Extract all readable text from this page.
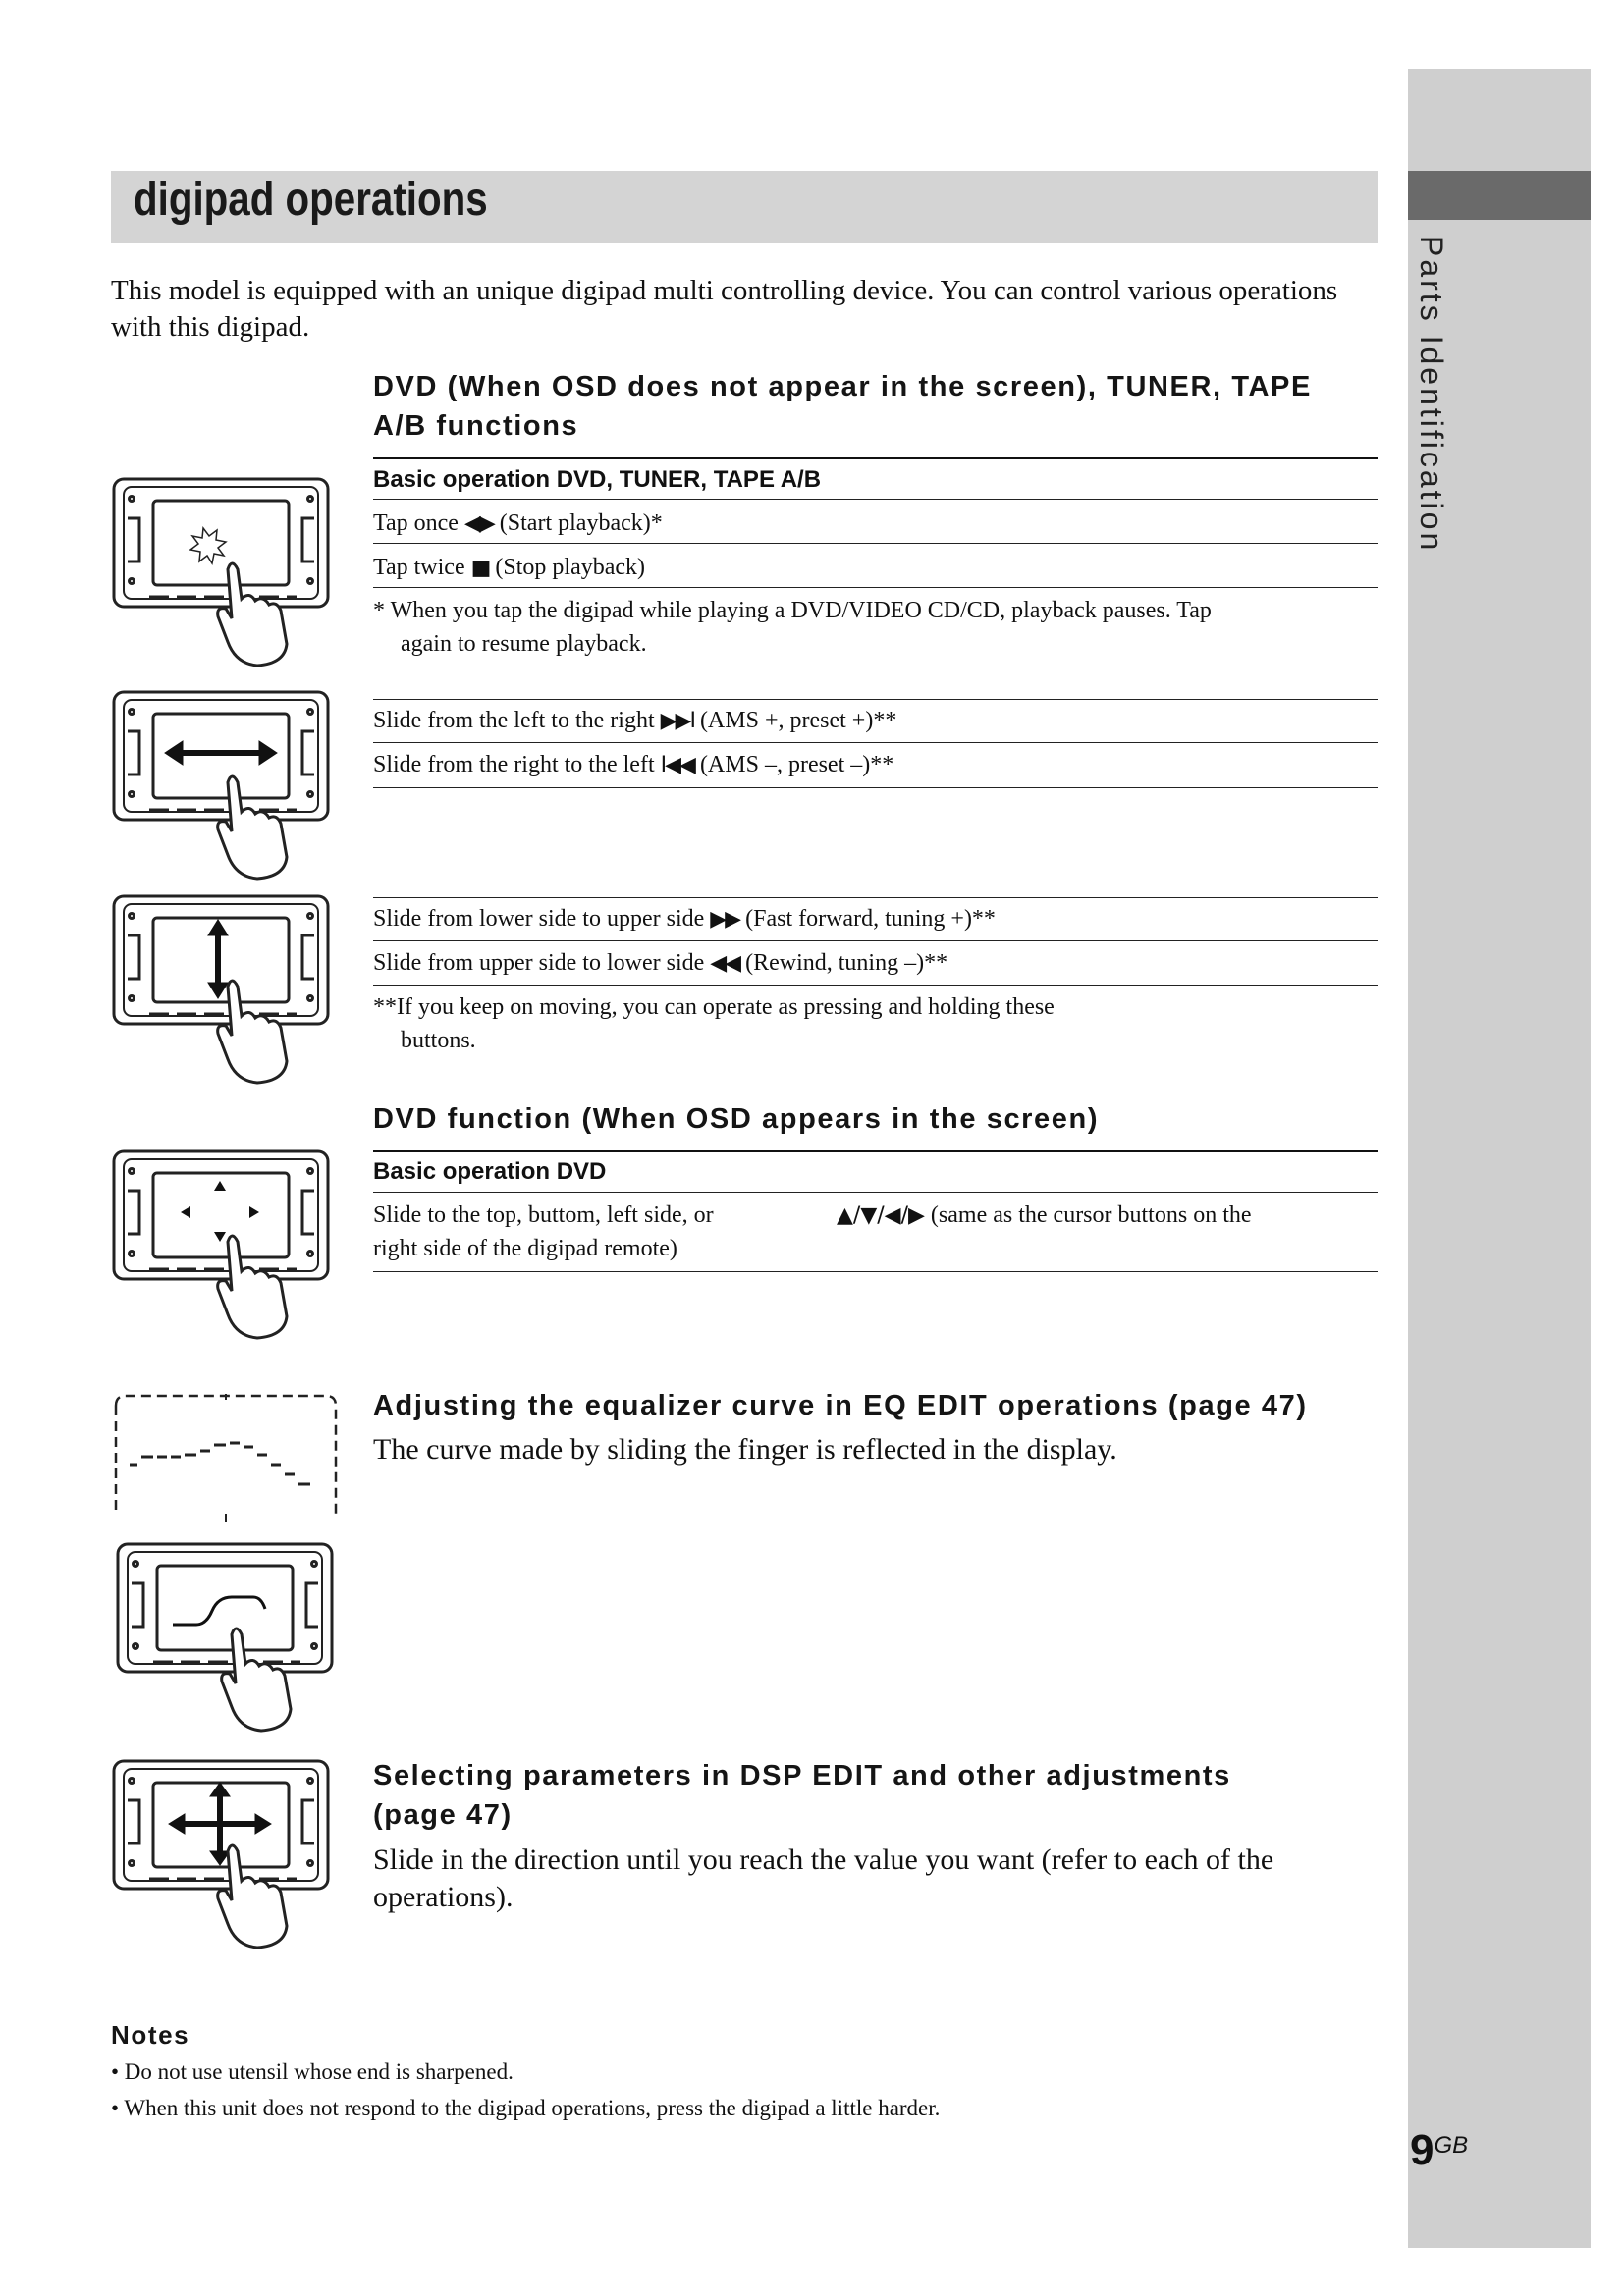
Parts Identification
digipad operations
This model is equipped with an unique digipad multi controlling device. You can control various operations with this digipad.
DVD (When OSD does not appear in the screen), TUNER, TAPE
A/B functions
Basic operation DVD, TUNER, TAPE A/B
Tap once ◀▶ (Start playback)*
Tap twice ■ (Stop playback)
* When you tap the digipad while playing a DVD/VIDEO CD/CD, playback pauses. Tap
again to resume playback.
Slide from the left to the right ▶▶I (AMS +, preset +)**
Slide from the right to the left I◀◀ (AMS –, preset –)**
Slide from lower side to upper side ▶▶ (Fast forward, tuning +)**
Slide from upper side to lower side ◀◀ (Rewind, tuning –)**
**If you keep on moving, you can operate as pressing and holding these
buttons.
DVD function (When OSD appears in the screen)
Basic operation DVD
Slide to the top, buttom, left side, or
right side of the digipad remote)
▲/▼/◀/▶ (same as the cursor buttons on the
Adjusting the equalizer curve in EQ EDIT operations (page 47)
The curve made by sliding the finger is reflected in the display.
Selecting parameters in DSP EDIT and other adjustments
(page 47)
Slide in the direction until you reach the value you want (refer to each of the
operations).
Notes
• Do not use utensil whose end is sharpened.
• When this unit does not respond to the digipad operations, press the digipad a little harder.
$9^{GB}$
